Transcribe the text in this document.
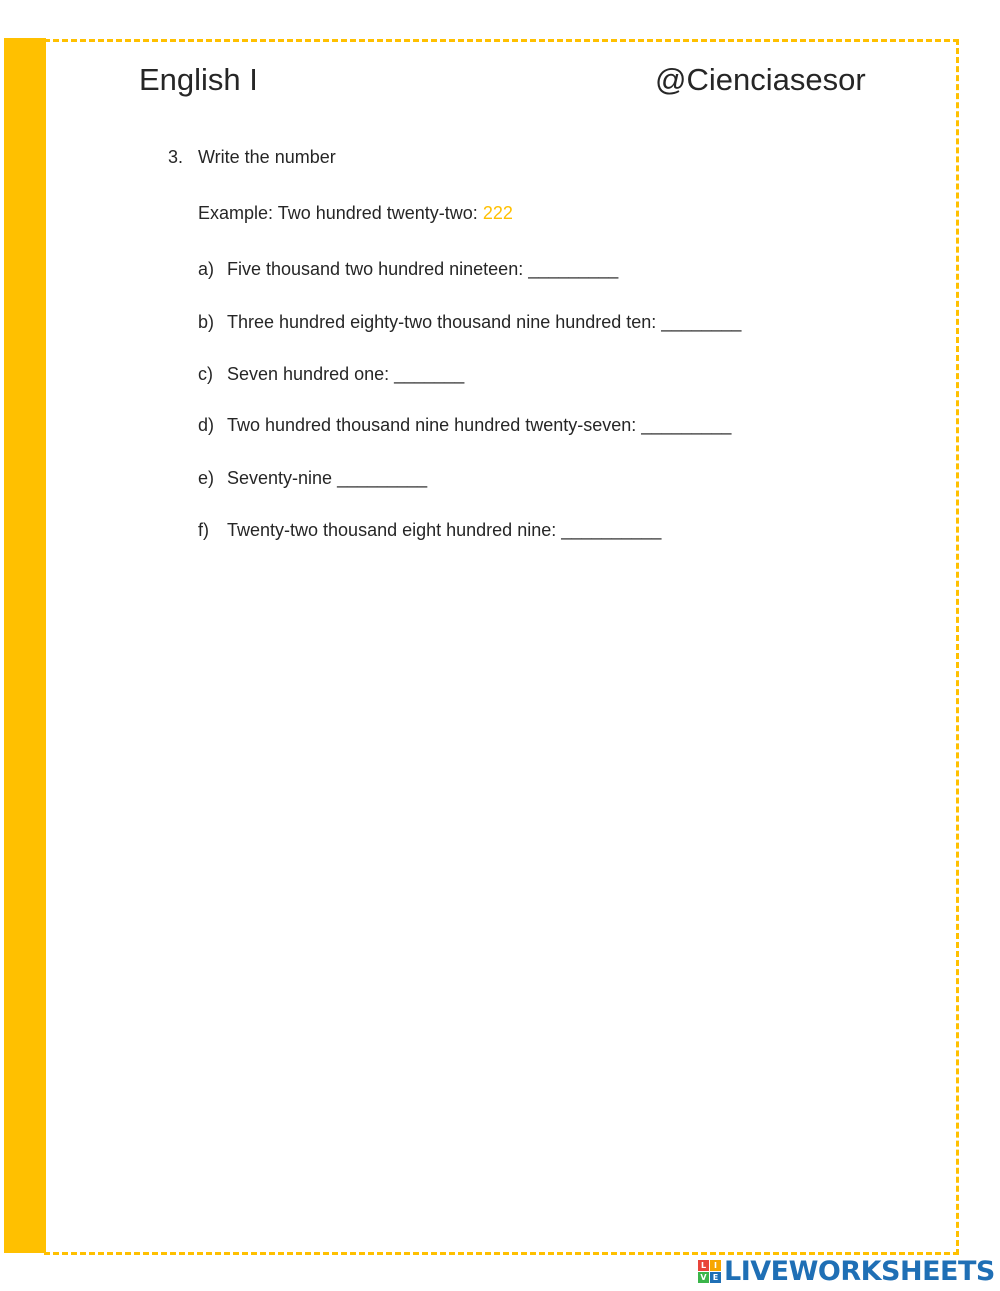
English I	@Cienciasesor
3. Write the number
Example: Two hundred twenty-two: 222
a) Five thousand two hundred nineteen: _________
b) Three hundred eighty-two thousand nine hundred ten: ________
c) Seven hundred one: _______
d) Two hundred thousand nine hundred twenty-seven: _________
e) Seventy-nine _________
f) Twenty-two thousand eight hundred nine: __________
L I
V E LIVEWORKSHEETS
